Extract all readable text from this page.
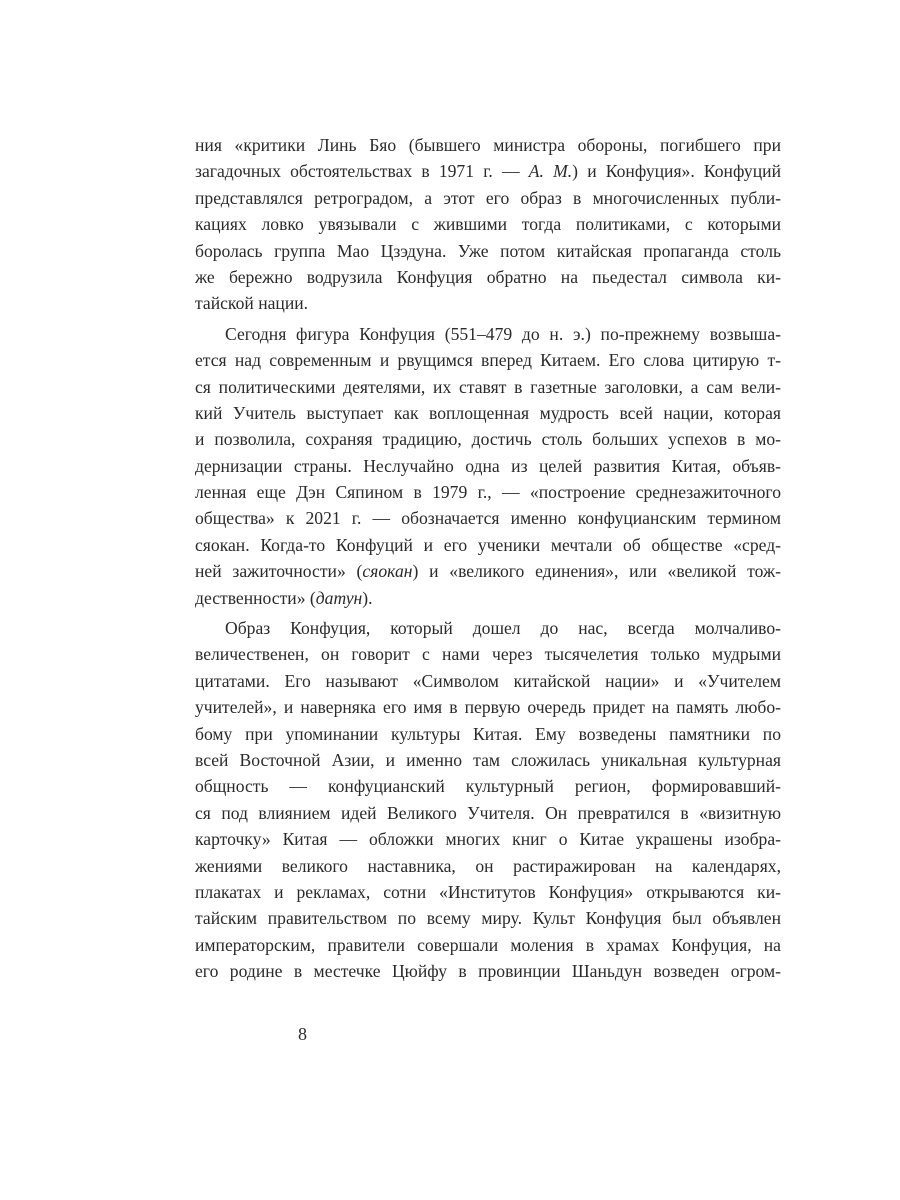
ния «критики Линь Бяо (бывшего министра обороны, погибшего при
загадочных обстоятельствах в 1971 г. — А. М.) и Конфуция». Конфуций
представлялся ретроградом, а этот его образ в многочисленных публи-
кациях ловко увязывали с жившими тогда политиками, с которыми
боролась группа Мао Цзэдуна. Уже потом китайская пропаганда столь
же бережно водрузила Конфуция обратно на пьедестал символа ки-
тайской нации.
Сегодня фигура Конфуция (551–479 до н. э.) по-прежнему возвыша-
ется над современным и рвущимся вперед Китаем. Его слова цитирую т-
ся политическими деятелями, их ставят в газетные заголовки, а сам вели-
кий Учитель выступает как воплощенная мудрость всей нации, которая
и позволила, сохраняя традицию, достичь столь больших успехов в мо-
дернизации страны. Неслучайно одна из целей развития Китая, объяв-
ленная еще Дэн Сяпином в 1979 г., — «построение среднезажиточного
общества» к 2021 г. — обозначается именно конфуцианским термином
сяокан. Когда-то Конфуций и его ученики мечтали об обществе «сред-
ней зажиточности» (сяокан) и «великого единения», или «великой тож-
дественности» (датун).
Образ Конфуция, который дошел до нас, всегда молчаливо-
величественен, он говорит с нами через тысячелетия только мудрыми
цитатами. Его называют «Символом китайской нации» и «Учителем
учителей», и наверняка его имя в первую очередь придет на память любо-
бому при упоминании культуры Китая. Ему возведены памятники по
всей Восточной Азии, и именно там сложилась уникальная культурная
общность — конфуцианский культурный регион, формировавший-
ся под влиянием идей Великого Учителя. Он превратился в «визитную
карточку» Китая — обложки многих книг о Китае украшены изобра-
жениями великого наставника, он растиражирован на календарях,
плакатах и рекламах, сотни «Институтов Конфуция» открываются ки-
тайским правительством по всему миру. Культ Конфуция был объявлен
императорским, правители совершали моления в храмах Конфуция, на
его родине в местечке Цюйфу в провинции Шаньдун возведен огром-
8
